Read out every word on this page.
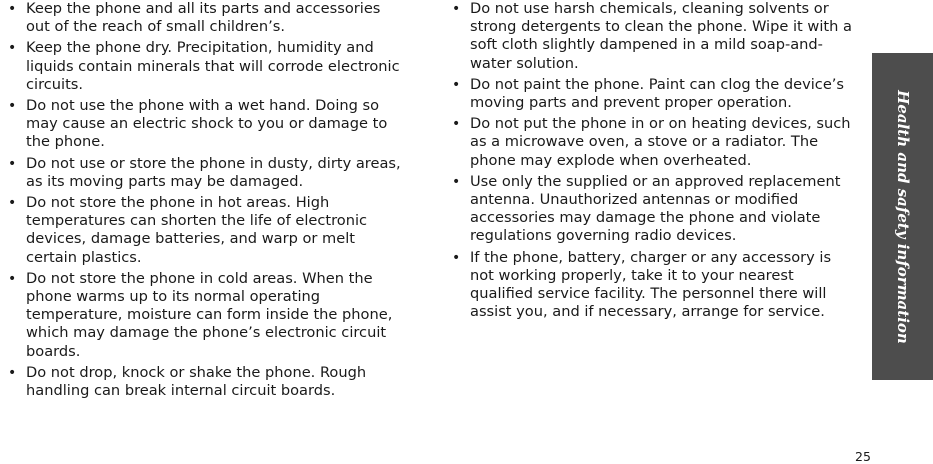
• Keep the phone and all its parts and accessories out of the reach of small children’s.
• Keep the phone dry. Precipitation, humidity and liquids contain minerals that will corrode electronic circuits.
• Do not use the phone with a wet hand. Doing so may cause an electric shock to you or damage to the phone.
• Do not use or store the phone in dusty, dirty areas, as its moving parts may be damaged.
• Do not store the phone in hot areas. High temperatures can shorten the life of electronic devices, damage batteries, and warp or melt certain plastics.
• Do not store the phone in cold areas. When the phone warms up to its normal operating temperature, moisture can form inside the phone, which may damage the phone’s electronic circuit boards.
• Do not drop, knock or shake the phone. Rough handling can break internal circuit boards.
• Do not use harsh chemicals, cleaning solvents or strong detergents to clean the phone. Wipe it with a soft cloth slightly dampened in a mild soap-and-water solution.
• Do not paint the phone. Paint can clog the device’s moving parts and prevent proper operation.
• Do not put the phone in or on heating devices, such as a microwave oven, a stove or a radiator. The phone may explode when overheated.
• Use only the supplied or an approved replacement antenna. Unauthorized antennas or modified accessories may damage the phone and violate regulations governing radio devices.
• If the phone, battery, charger or any accessory is not working properly, take it to your nearest qualified service facility. The personnel there will assist you, and if necessary, arrange for service.	Health and safety information
25
